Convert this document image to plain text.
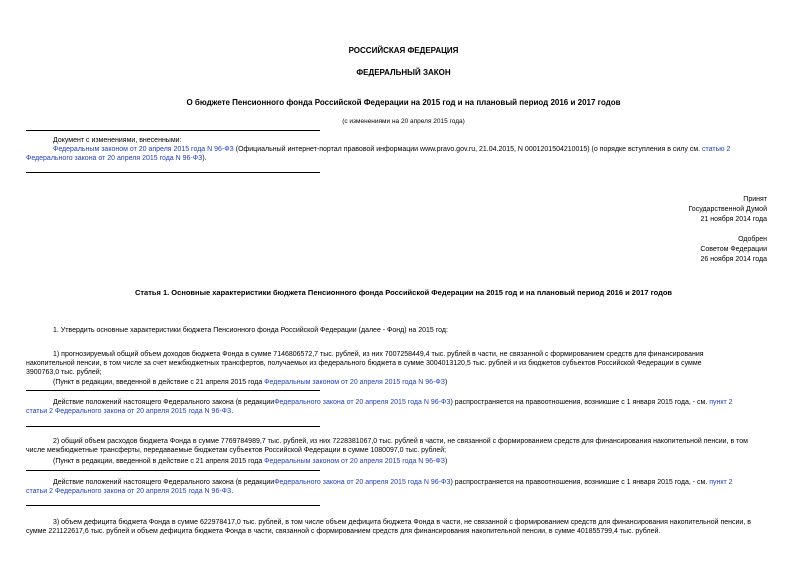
РОССИЙСКАЯ ФЕДЕРАЦИЯ
ФЕДЕРАЛЬНЫЙ ЗАКОН
О бюджете Пенсионного фонда Российской Федерации на 2015 год и на плановый период 2016 и 2017 годов
(с изменениями на 20 апреля 2015 года)
Документ с изменениями, внесенными:
Федеральным законом от 20 апреля 2015 года N 96-ФЗ (Официальный интернет-портал правовой информации www.pravo.gov.ru, 21.04.2015, N 0001201504210015) (о порядке вступления в силу см. статью 2
Федерального закона от 20 апреля 2015 года N 96-ФЗ).
Принят
Государственной Думой
21 ноября 2014 года
Одобрен
Советом Федерации
26 ноября 2014 года
Статья 1. Основные характеристики бюджета Пенсионного фонда Российской Федерации на 2015 год и на плановый период 2016 и 2017 годов
1. Утвердить основные характеристики бюджета Пенсионного фонда Российской Федерации (далее - Фонд) на 2015 год:
1) прогнозируемый общий объем доходов бюджета Фонда в сумме 7146806572,7 тыс. рублей, из них 7007258449,4 тыс. рублей в части, не связанной с формированием средств для финансирования
накопительной пенсии, в том числе за счет межбюджетных трансфертов, получаемых из федерального бюджета в сумме 3004013120,5 тыс. рублей и из бюджетов субъектов Российской Федерации в сумме
3900763,0 тыс. рублей;
(Пункт в редакции, введенной в действие с 21 апреля 2015 года Федеральным законом от 20 апреля 2015 года N 96-ФЗ)
Действие положений настоящего Федерального закона (в редакцииФедерального закона от 20 апреля 2015 года N 96-ФЗ) распространяется на правоотношения, возникшие с 1 января 2015 года, - см. пункт 2
статьи 2 Федерального закона от 20 апреля 2015 года N 96-ФЗ.
2) общий объем расходов бюджета Фонда в сумме 7769784989,7 тыс. рублей, из них 7228381067,0 тыс. рублей в части, не связанной с формированием средств для финансирования накопительной пенсии, в том
числе межбюджетные трансферты, передаваемые бюджетам субъектов Российской Федерации в сумме 1080097,0 тыс. рублей;
(Пункт в редакции, введенной в действие с 21 апреля 2015 года Федеральным законом от 20 апреля 2015 года N 96-ФЗ)
Действие положений настоящего Федерального закона (в редакцииФедерального закона от 20 апреля 2015 года N 96-ФЗ) распространяется на правоотношения, возникшие с 1 января 2015 года, - см. пункт 2
статьи 2 Федерального закона от 20 апреля 2015 года N 96-ФЗ.
3) объем дефицита бюджета Фонда в сумме 622978417,0 тыс. рублей, в том числе объем дефицита бюджета Фонда в части, не связанной с формированием средств для финансирования накопительной пенсии, в
сумме 221122617,6 тыс. рублей и объем дефицита бюджета Фонда в части, связанной с формированием средств для финансирования накопительной пенсии, в сумме 401855799,4 тыс. рублей.
